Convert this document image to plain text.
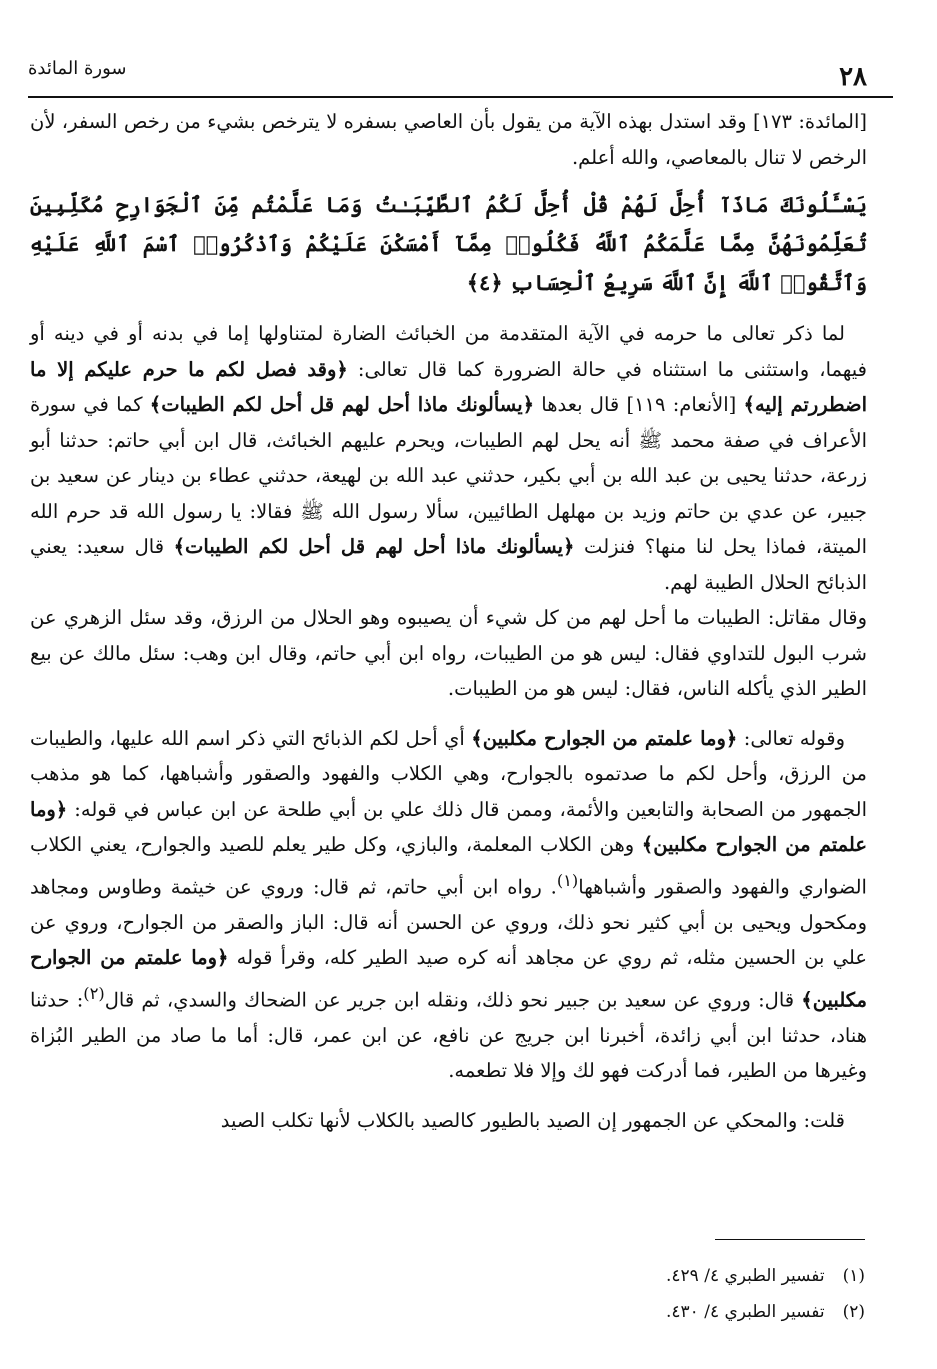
سورة المائدة	٢٨

[المائدة: ١٧٣] وقد استدل بهذه الآية من يقول بأن العاصي بسفره لا يترخص بشيء من رخص السفر، لأن الرخص لا تنال بالمعاصي، والله أعلم.

يَسْـَٔلُونَكَ مَاذَآ أُحِلَّ لَهُمْ قُلْ أُحِلَّ لَكُمُ ٱلطَّيِّبَـٰتُ وَمَا عَلَّمْتُم مِّنَ ٱلْجَوَارِحِ مُكَلِّبِينَ تُعَلِّمُونَهُنَّ مِمَّا عَلَّمَكُمُ ٱللَّهُ فَكُلُوا۟ مِمَّآ أَمْسَكْنَ عَلَيْكُمْ وَٱذْكُرُوا۟ ٱسْمَ ٱللَّهِ عَلَيْهِ وَٱتَّقُوا۟ ٱللَّهَ إِنَّ ٱللَّهَ سَرِيعُ ٱلْحِسَابِ ﴿٤﴾

لما ذكر تعالى ما حرمه في الآية المتقدمة من الخبائث الضارة لمتناولها إما في بدنه أو في دينه أو فيهما، واستثنى ما استثناه في حالة الضرورة كما قال تعالى: ﴿وقد فصل لكم ما حرم عليكم إلا ما اضطررتم إليه﴾ [الأنعام: ١١٩] قال بعدها ﴿يسألونك ماذا أحل لهم قل أحل لكم الطيبات﴾ كما في سورة الأعراف في صفة محمد ﷺ أنه يحل لهم الطيبات، ويحرم عليهم الخبائث، قال ابن أبي حاتم: حدثنا أبو زرعة، حدثنا يحيى بن عبد الله بن أبي بكير، حدثني عبد الله بن لهيعة، حدثني عطاء بن دينار عن سعيد بن جبير، عن عدي بن حاتم وزيد بن مهلهل الطائيين، سألا رسول الله ﷺ فقالا: يا رسول الله قد حرم الله الميتة، فماذا يحل لنا منها؟ فنزلت ﴿يسألونك ماذا أحل لهم قل أحل لكم الطيبات﴾ قال سعيد: يعني الذبائح الحلال الطيبة لهم.

وقال مقاتل: الطيبات ما أحل لهم من كل شيء أن يصيبوه وهو الحلال من الرزق، وقد سئل الزهري عن شرب البول للتداوي فقال: ليس هو من الطيبات، رواه ابن أبي حاتم، وقال ابن وهب: سئل مالك عن بيع الطير الذي يأكله الناس، فقال: ليس هو من الطيبات.

وقوله تعالى: ﴿وما علمتم من الجوارح مكلبين﴾ أي أحل لكم الذبائح التي ذكر اسم الله عليها، والطيبات من الرزق، وأحل لكم ما صدتموه بالجوارح، وهي الكلاب والفهود والصقور وأشباهها، كما هو مذهب الجمهور من الصحابة والتابعين والأئمة، وممن قال ذلك علي بن أبي طلحة عن ابن عباس في قوله: ﴿وما علمتم من الجوارح مكلبين﴾ وهن الكلاب المعلمة، والبازي، وكل طير يعلم للصيد والجوارح، يعني الكلاب الضواري والفهود والصقور وأشباهها$^{(١)}$. رواه ابن أبي حاتم، ثم قال: وروي عن خيثمة وطاوس ومجاهد ومكحول ويحيى بن أبي كثير نحو ذلك، وروي عن الحسن أنه قال: الباز والصقر من الجوارح، وروي عن علي بن الحسين مثله، ثم روي عن مجاهد أنه كره صيد الطير كله، وقرأ قوله ﴿وما علمتم من الجوارح مكلبين﴾ قال: وروي عن سعيد بن جبير نحو ذلك، ونقله ابن جرير عن الضحاك والسدي، ثم قال$^{(٢)}$: حدثنا هناد، حدثنا ابن أبي زائدة، أخبرنا ابن جريج عن نافع، عن ابن عمر، قال: أما ما صاد من الطير البُزاة وغيرها من الطير، فما أدركت فهو لك وإلا فلا تطعمه.

قلت: والمحكي عن الجمهور إن الصيد بالطيور كالصيد بالكلاب لأنها تكلب الصيد

(١)تفسير الطبري ٤/ ٤٢٩.
(٢)تفسير الطبري ٤/ ٤٣٠.
